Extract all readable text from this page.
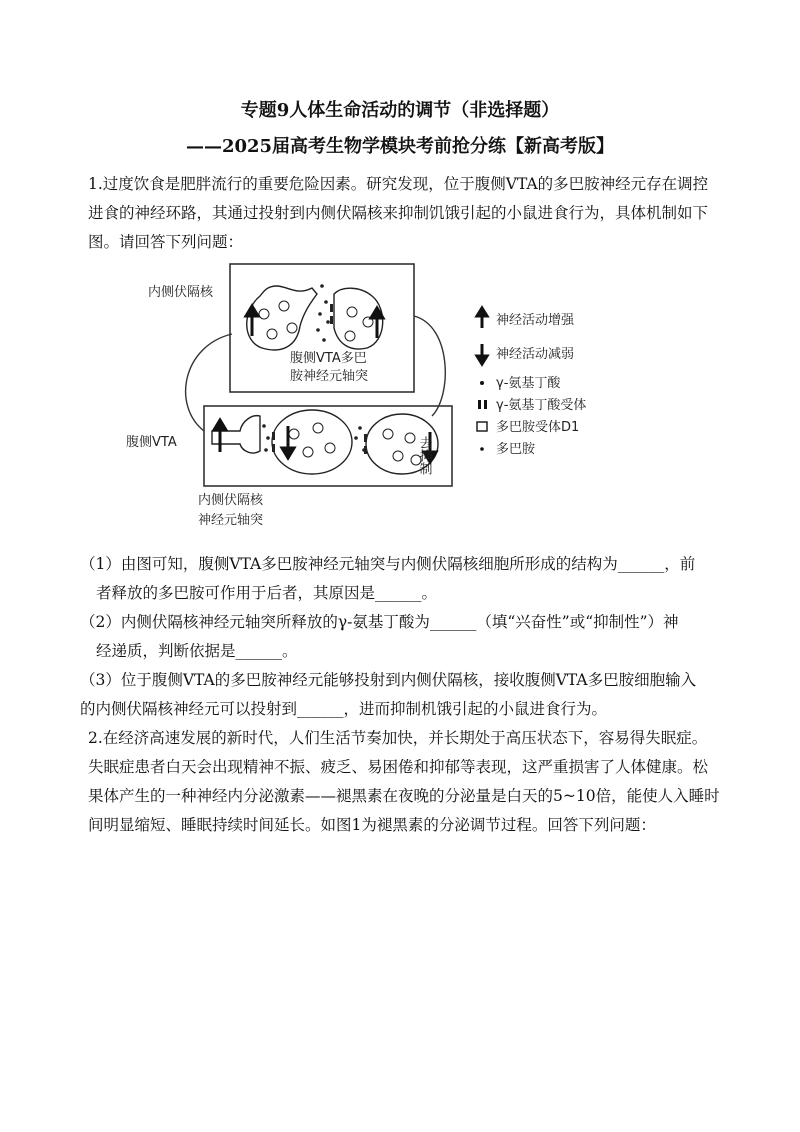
专题9人体生命活动的调节（非选择题）
——2025届高考生物学模块考前抢分练【新高考版】

1.过度饮食是肥胖流行的重要危险因素。研究发现，位于腹侧VTA的多巴胺神经元存在调控

进食的神经环路，其通过投射到内侧伏隔核来抑制饥饿引起的小鼠进食行为，具体机制如下

图。请回答下列问题：

内侧伏隔核
腹侧VTA
腹侧VTA多巴
胺神经元轴突
内侧伏隔核
神经元轴突
去抑制
神经活动增强
神经活动减弱
γ-氨基丁酸
γ-氨基丁酸受体
多巴胺受体D1
多巴胺

（1）由图可知，腹侧VTA多巴胺神经元轴突与内侧伏隔核细胞所形成的结构为______，前

者释放的多巴胺可作用于后者，其原因是______。

（2）内侧伏隔核神经元轴突所释放的γ-氨基丁酸为______（填“兴奋性”或“抑制性”）神

经递质，判断依据是______。

（3）位于腹侧VTA的多巴胺神经元能够投射到内侧伏隔核，接收腹侧VTA多巴胺细胞输入

的内侧伏隔核神经元可以投射到______，进而抑制机饿引起的小鼠进食行为。

2.在经济高速发展的新时代，人们生活节奏加快，并长期处于高压状态下，容易得失眠症。

失眠症患者白天会出现精神不振、疲乏、易困倦和抑郁等表现，这严重损害了人体健康。松

果体产生的一种神经内分泌激素——褪黑素在夜晚的分泌量是白天的5~10倍，能使人入睡时

间明显缩短、睡眠持续时间延长。如图1为褪黑素的分泌调节过程。回答下列问题：
